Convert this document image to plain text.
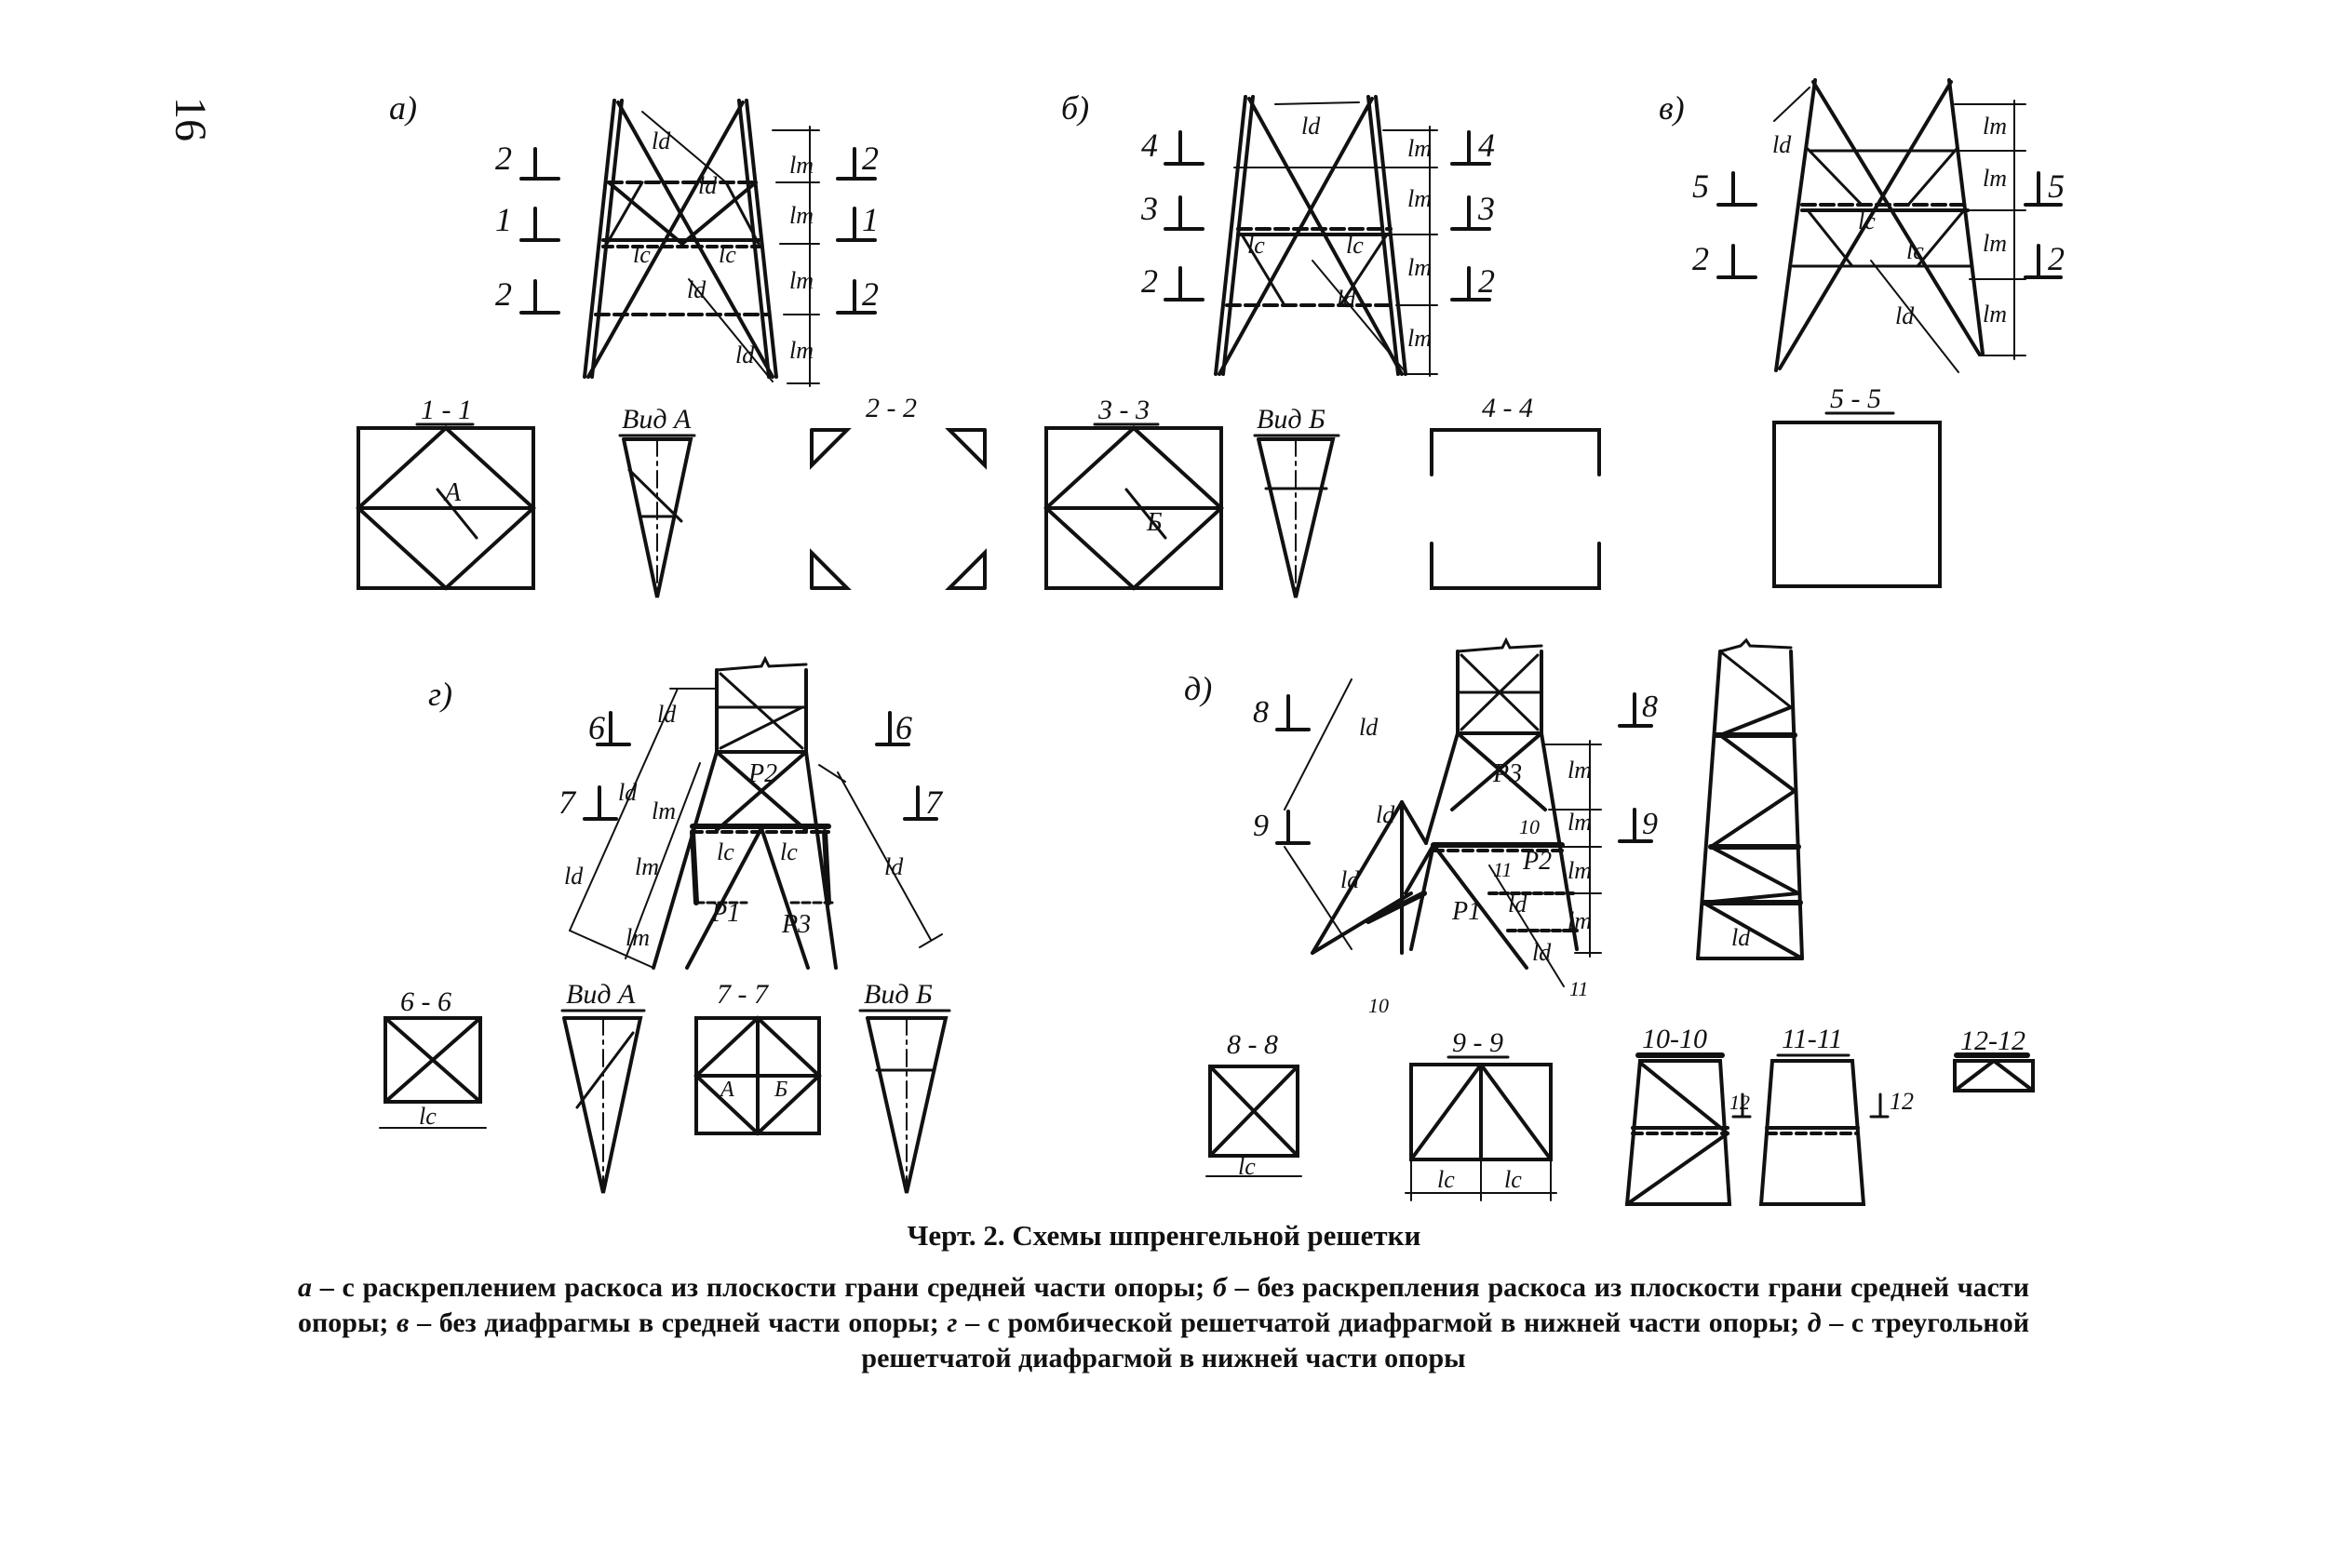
16	а)
2
1
2
2
1
2
lm
lm
lm
lm
ld
ld
ld
ld
lc	lc
1 - 1
А
Вид А	2 - 2
б)
4
3
2
4
3
2
lm
lm
lm
lm
ld
ld
lc	lc
3 - 3
Б
Вид Б	4 - 4
в)
5
2
5
2
lm
lm
lm
lm
ld
ld
lc
lc
5 - 5
г)
6
7
6
7
P2
P1 P3
ld
ld
ld	ld
lm
lm
lm
lc lc
6 - 6
lc
Вид А	7 - 7
А Б
Вид Б
д)
8
9
8
9
10
10
11
11
P3
P2
P1
ld
ld
ld
ld
ld
lm
lm
lm
lm
ld
8 - 8
lc
9 - 9
lc lc
10-10
12
11-11
12
12-12
Черт. 2. Схемы шпренгельной решетки
а – с раскреплением раскоса из плоскости грани средней части опоры; б – без раскрепления раскоса из плоскости грани средней части опоры; в – без диафрагмы в средней части опоры; г – с ромбической решетчатой диафрагмой в нижней части опоры; д – с треугольной решетчатой диафрагмой в нижней части опоры
